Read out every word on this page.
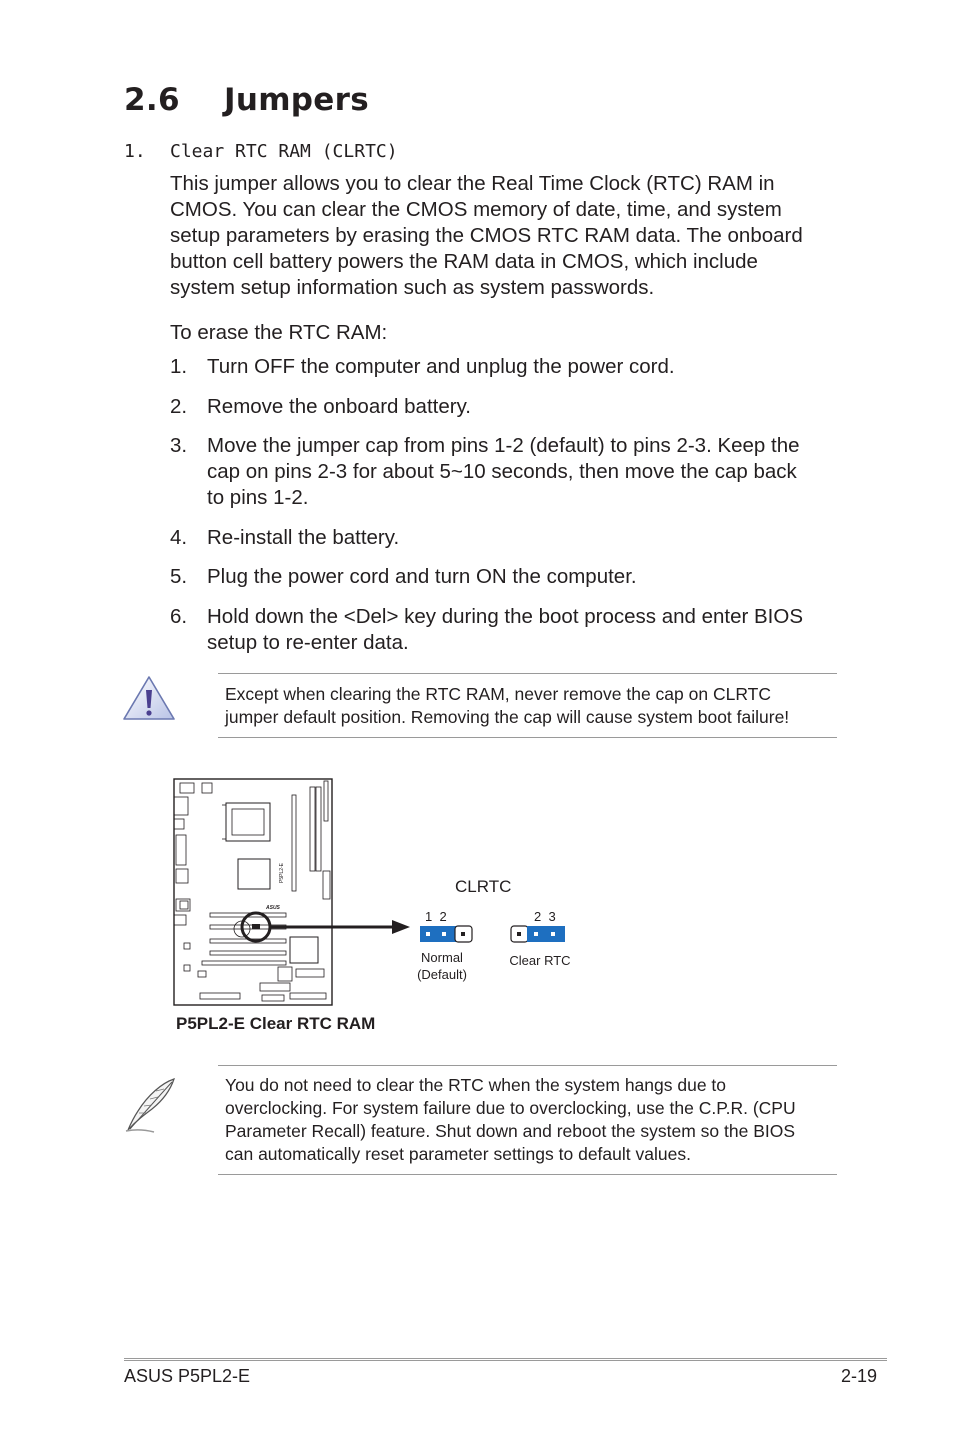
2.6 Jumpers
1. Clear RTC RAM (CLRTC)
This jumper allows you to clear the Real Time Clock (RTC) RAM in
CMOS. You can clear the CMOS memory of date, time, and system
setup parameters by erasing the CMOS RTC RAM data. The onboard
button cell battery powers the RAM data in CMOS, which include
system setup information such as system passwords.
To erase the RTC RAM:
1. Turn OFF the computer and unplug the power cord.
2. Remove the onboard battery.
3. Move the jumper cap from pins 1-2 (default) to pins 2-3. Keep the
cap on pins 2-3 for about 5~10 seconds, then move the cap back
to pins 1-2.
4. Re-install the battery.
5. Plug the power cord and turn ON the computer.
6. Hold down the <Del> key during the boot process and enter BIOS
setup to re-enter data.
Except when clearing the RTC RAM, never remove the cap on CLRTC
jumper default position. Removing the cap will cause system boot failure!
P5PL2-E
ASUS
CLRTC
1  2	2  3
Normal
(Default)
Clear RTC
P5PL2-E Clear RTC RAM
You do not need to clear the RTC when the system hangs due to
overclocking. For system failure due to overclocking, use the C.P.R. (CPU
Parameter Recall) feature. Shut down and reboot the system so the BIOS
can automatically reset parameter settings to default values.
ASUS P5PL2-E	2-19
